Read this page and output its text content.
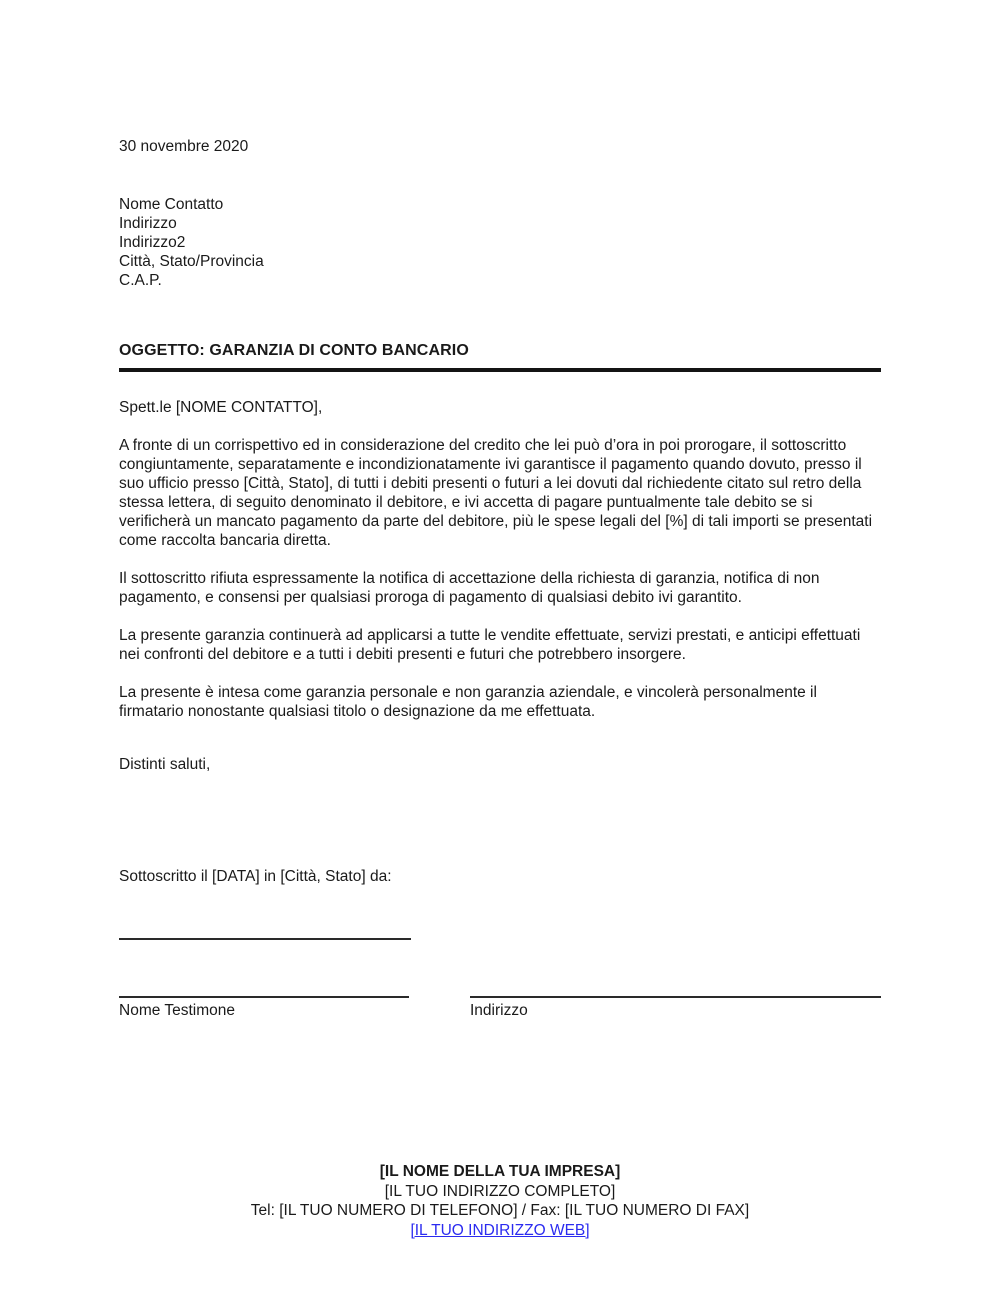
30 novembre 2020
Nome Contatto
Indirizzo
Indirizzo2
Città, Stato/Provincia
C.A.P.
OGGETTO: GARANZIA DI CONTO BANCARIO
Spett.le [NOME CONTATTO],

A fronte di un corrispettivo ed in considerazione del credito che lei può d’ora in poi prorogare, il sottoscritto congiuntamente, separatamente e incondizionatamente ivi garantisce il pagamento quando dovuto, presso il suo ufficio presso [Città, Stato], di tutti i debiti presenti o futuri a lei dovuti dal richiedente citato sul retro della stessa lettera, di seguito denominato il debitore, e ivi accetta di pagare puntualmente tale debito se si verificherà un mancato pagamento da parte del debitore, più le spese legali del [%] di tali importi se presentati come raccolta bancaria diretta.

Il sottoscritto rifiuta espressamente la notifica di accettazione della richiesta di garanzia, notifica di non pagamento, e consensi per qualsiasi proroga di pagamento di qualsiasi debito ivi garantito.

La presente garanzia continuerà ad applicarsi a tutte le vendite effettuate, servizi prestati, e anticipi effettuati nei confronti del debitore e a tutti i debiti presenti e futuri che potrebbero insorgere.

La presente è intesa come garanzia personale e non garanzia aziendale, e vincolerà personalmente il firmatario nonostante qualsiasi titolo o designazione da me effettuata.

Distinti saluti,
Sottoscritto il [DATA] in [Città, Stato] da:
Nome Testimone	Indirizzo
[IL NOME DELLA TUA IMPRESA]
[IL TUO INDIRIZZO COMPLETO]
Tel: [IL TUO NUMERO DI TELEFONO] / Fax: [IL TUO NUMERO DI FAX]
[IL TUO INDIRIZZO WEB]
